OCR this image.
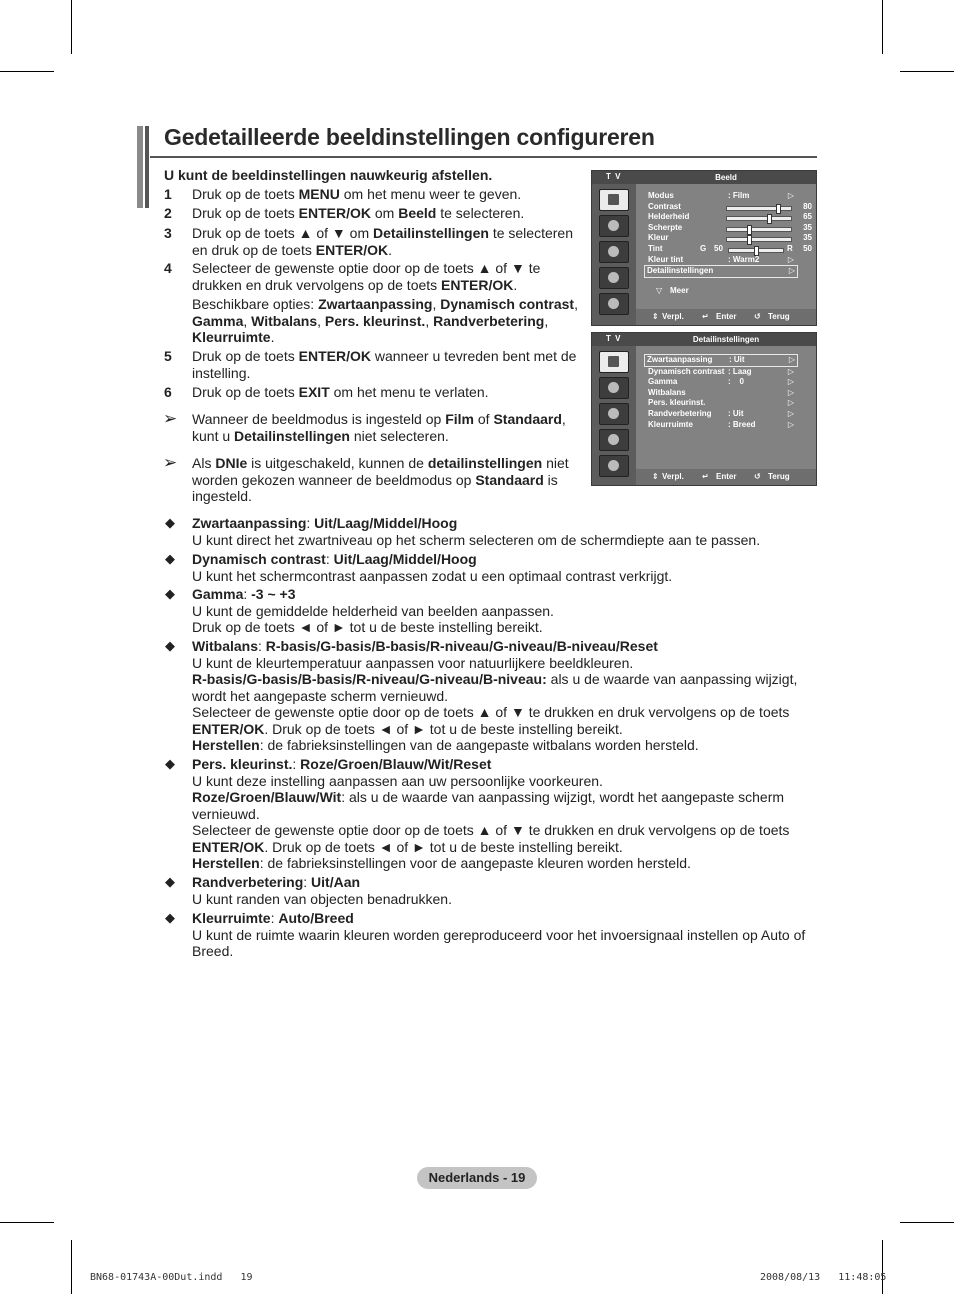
Gedetailleerde beeldinstellingen configureren
U kunt de beeldinstellingen nauwkeurig afstellen.
1 Druk op de toets MENU om het menu weer te geven.
2 Druk op de toets ENTER/OK om Beeld te selecteren.
3 Druk op de toets ▲ of ▼ om Detailinstellingen te selecteren en druk op de toets ENTER/OK.
4 Selecteer de gewenste optie door op de toets ▲ of ▼ te drukken en druk vervolgens op de toets ENTER/OK.
Beschikbare opties: Zwartaanpassing, Dynamisch contrast, Gamma, Witbalans, Pers. kleurinst., Randverbetering, Kleurruimte.
5 Druk op de toets ENTER/OK wanneer u tevreden bent met de instelling.
6 Druk op de toets EXIT om het menu te verlaten.
➢ Wanneer de beeldmodus is ingesteld op Film of Standaard, kunt u Detailinstellingen niet selecteren.
➢ Als DNIe is uitgeschakeld, kunnen de detailinstellingen niet worden gekozen wanneer de beeldmodus op Standaard is ingesteld.
T V	Beeld
Modus	: Film	▷
Contrast	80
Helderheid	65
Scherpte	35
Kleur	35
Tint	G 50	R 50
Kleur tint	: Warm2	▷
Detailinstellingen	▷
▽ Meer
⇕ Verpl. ↵ Enter ↺ Terug
T V	Detailinstellingen
Zwartaanpassing : Uit	▷
Dynamisch contrast : Laag	▷
Gamma	:    0	▷
Witbalans	▷
Pers. kleurinst.	▷
Randverbetering : Uit	▷
Kleurruimte	: Breed	▷
⇕ Verpl. ↵ Enter ↺ Terug
◆ Zwartaanpassing: Uit/Laag/Middel/Hoog
U kunt direct het zwartniveau op het scherm selecteren om de schermdiepte aan te passen.
◆ Dynamisch contrast: Uit/Laag/Middel/Hoog
U kunt het schermcontrast aanpassen zodat u een optimaal contrast verkrijgt.
◆ Gamma: -3 ~ +3
U kunt de gemiddelde helderheid van beelden aanpassen.
Druk op de toets ◄ of ► tot u de beste instelling bereikt.
◆ Witbalans: R-basis/G-basis/B-basis/R-niveau/G-niveau/B-niveau/Reset
U kunt de kleurtemperatuur aanpassen voor natuurlijkere beeldkleuren.
R-basis/G-basis/B-basis/R-niveau/G-niveau/B-niveau: als u de waarde van aanpassing wijzigt, wordt het aangepaste scherm vernieuwd.
Selecteer de gewenste optie door op de toets ▲ of ▼ te drukken en druk vervolgens op de toets ENTER/OK. Druk op de toets ◄ of ► tot u de beste instelling bereikt.
Herstellen: de fabrieksinstellingen van de aangepaste witbalans worden hersteld.
◆ Pers. kleurinst.: Roze/Groen/Blauw/Wit/Reset
U kunt deze instelling aanpassen aan uw persoonlijke voorkeuren.
Roze/Groen/Blauw/Wit: als u de waarde van aanpassing wijzigt, wordt het aangepaste scherm vernieuwd.
Selecteer de gewenste optie door op de toets ▲ of ▼ te drukken en druk vervolgens op de toets ENTER/OK. Druk op de toets ◄ of ► tot u de beste instelling bereikt.
Herstellen: de fabrieksinstellingen voor de aangepaste kleuren worden hersteld.
◆ Randverbetering: Uit/Aan
U kunt randen van objecten benadrukken.
◆ Kleurruimte: Auto/Breed
U kunt de ruimte waarin kleuren worden gereproduceerd voor het invoersignaal instellen op Auto of Breed.
Nederlands - 19
BN68-01743A-00Dut.indd   19	2008/08/13   11:48:05
